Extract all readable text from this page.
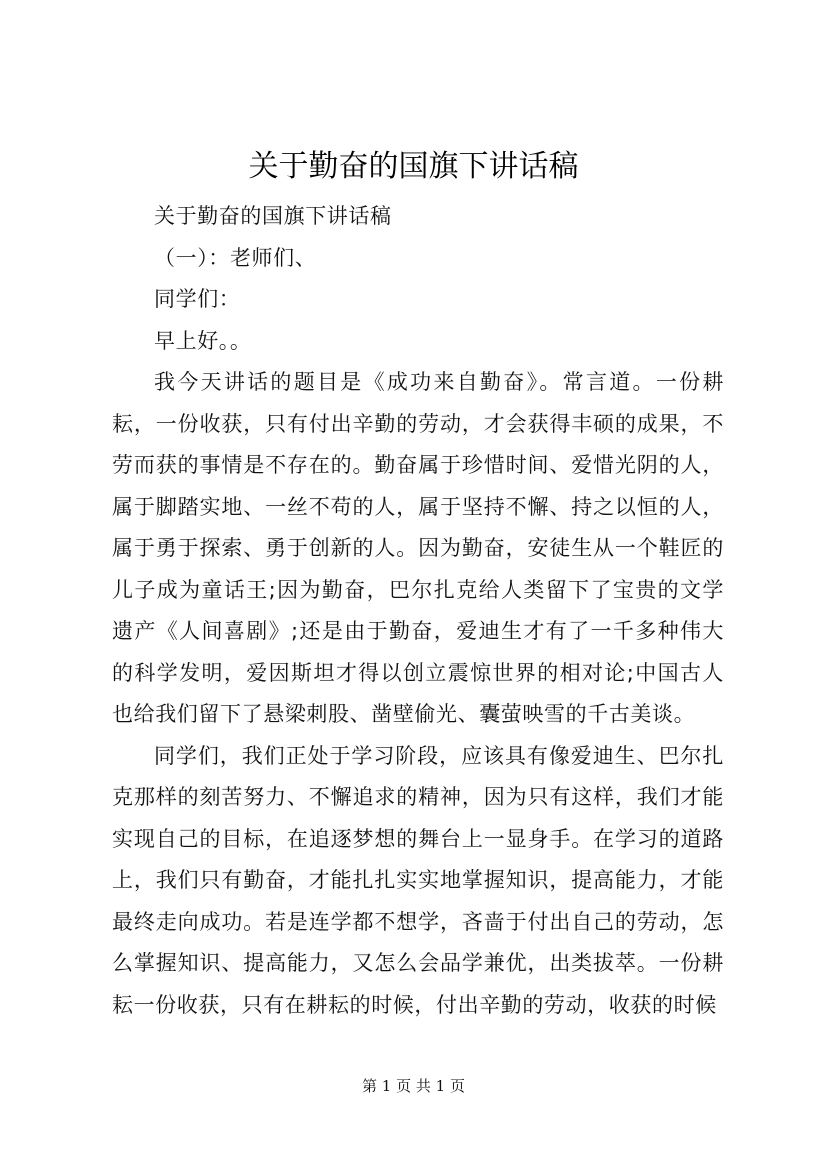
关于勤奋的国旗下讲话稿

关于勤奋的国旗下讲话稿

（一）：老师们、

同学们：

早上好。。

我今天讲话的题目是《成功来自勤奋》。常言道。一份耕耘，一份收获，只有付出辛勤的劳动，才会获得丰硕的成果，不劳而获的事情是不存在的。勤奋属于珍惜时间、爱惜光阴的人，属于脚踏实地、一丝不苟的人，属于坚持不懈、持之以恒的人，属于勇于探索、勇于创新的人。因为勤奋，安徒生从一个鞋匠的儿子成为童话王;因为勤奋，巴尔扎克给人类留下了宝贵的文学遗产《人间喜剧》;还是由于勤奋，爱迪生才有了一千多种伟大的科学发明，爱因斯坦才得以创立震惊世界的相对论;中国古人也给我们留下了悬梁刺股、凿壁偷光、囊萤映雪的千古美谈。

同学们，我们正处于学习阶段，应该具有像爱迪生、巴尔扎克那样的刻苦努力、不懈追求的精神，因为只有这样，我们才能实现自己的目标，在追逐梦想的舞台上一显身手。在学习的道路上，我们只有勤奋，才能扎扎实实地掌握知识，提高能力，才能最终走向成功。若是连学都不想学，吝啬于付出自己的劳动，怎么掌握知识、提高能力，又怎么会品学兼优，出类拔萃。一份耕耘一份收获，只有在耕耘的时候，付出辛勤的劳动，收获的时候

第 1 页 共 1 页
